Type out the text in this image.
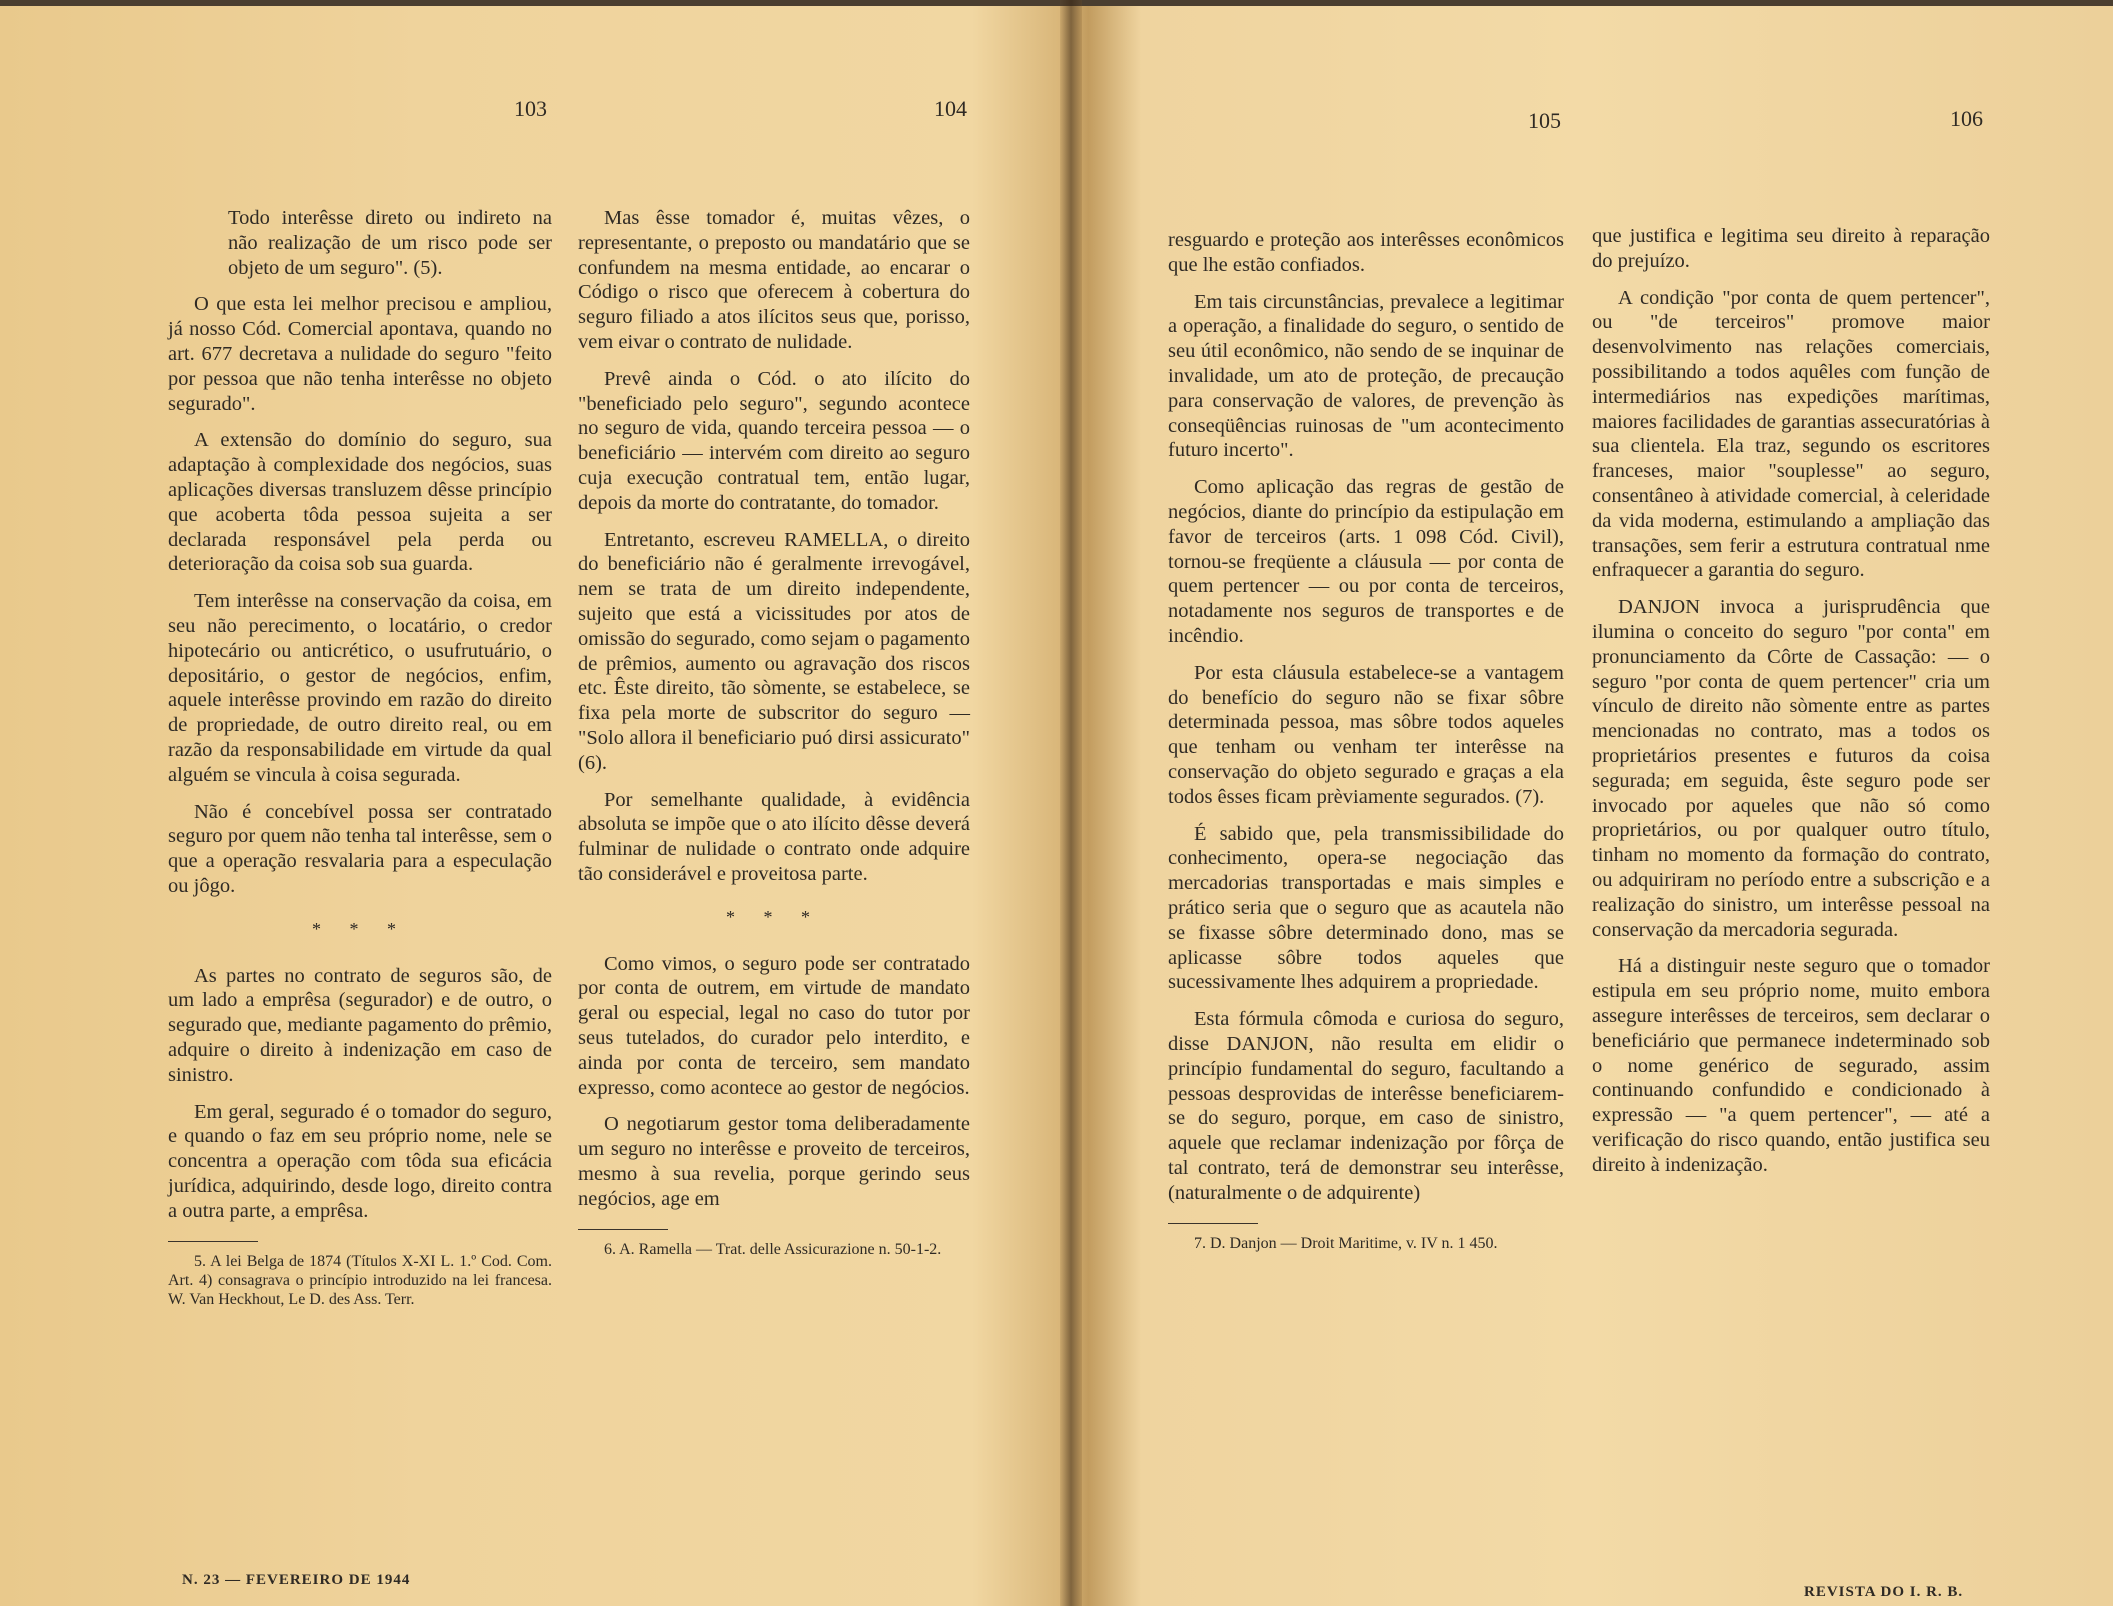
103	104	105	106

Todo interêsse direto ou indireto na não realização de um risco pode ser objeto de um seguro". (5).

O que esta lei melhor precisou e ampliou, já nosso Cód. Comercial apontava, quando no art. 677 decretava a nulidade do seguro "feito por pessoa que não tenha interêsse no objeto segurado".

A extensão do domínio do seguro, sua adaptação à complexidade dos negócios, suas aplicações diversas transluzem dêsse princípio que acoberta tôda pessoa sujeita a ser declarada responsável pela perda ou deterioração da coisa sob sua guarda.

Tem interêsse na conservação da coisa, em seu não perecimento, o locatário, o credor hipotecário ou anticrético, o usufrutuário, o depositário, o gestor de negócios, enfim, aquele interêsse provindo em razão do direito de propriedade, de outro direito real, ou em razão da responsabilidade em virtude da qual alguém se vincula à coisa segurada.

Não é concebível possa ser contratado seguro por quem não tenha tal interêsse, sem o que a operação resvalaria para a especulação ou jôgo.

* * *

As partes no contrato de seguros são, de um lado a emprêsa (segurador) e de outro, o segurado que, mediante pagamento do prêmio, adquire o direito à indenização em caso de sinistro.

Em geral, segurado é o tomador do seguro, e quando o faz em seu próprio nome, nele se concentra a operação com tôda sua eficácia jurídica, adquirindo, desde logo, direito contra a outra parte, a emprêsa.

5. A lei Belga de 1874 (Títulos X-XI L. 1.º Cod. Com. Art. 4) consagrava o princípio introduzido na lei francesa. W. Van Heckhout, Le D. des Ass. Terr.

Mas êsse tomador é, muitas vêzes, o representante, o preposto ou mandatário que se confundem na mesma entidade, ao encarar o Código o risco que oferecem à cobertura do seguro filiado a atos ilícitos seus que, porisso, vem eivar o contrato de nulidade.

Prevê ainda o Cód. o ato ilícito do "beneficiado pelo seguro", segundo acontece no seguro de vida, quando terceira pessoa — o beneficiário — intervém com direito ao seguro cuja execução contratual tem, então lugar, depois da morte do contratante, do tomador.

Entretanto, escreveu RAMELLA, o direito do beneficiário não é geralmente irrevogável, nem se trata de um direito independente, sujeito que está a vicissitudes por atos de omissão do segurado, como sejam o pagamento de prêmios, aumento ou agravação dos riscos etc. Êste direito, tão sòmente, se estabelece, se fixa pela morte de subscritor do seguro — "Solo allora il beneficiario puó dirsi assicurato" (6).

Por semelhante qualidade, à evidência absoluta se impõe que o ato ilícito dêsse deverá fulminar de nulidade o contrato onde adquire tão considerável e proveitosa parte.

* * *

Como vimos, o seguro pode ser contratado por conta de outrem, em virtude de mandato geral ou especial, legal no caso do tutor por seus tutelados, do curador pelo interdito, e ainda por conta de terceiro, sem mandato expresso, como acontece ao gestor de negócios.

O negotiarum gestor toma deliberadamente um seguro no interêsse e proveito de terceiros, mesmo à sua revelia, porque gerindo seus negócios, age em

6. A. Ramella — Trat. delle Assicurazione n. 50-1-2.

resguardo e proteção aos interêsses econômicos que lhe estão confiados.

Em tais circunstâncias, prevalece a legitimar a operação, a finalidade do seguro, o sentido de seu útil econômico, não sendo de se inquinar de invalidade, um ato de proteção, de precaução para conservação de valores, de prevenção às conseqüências ruinosas de "um acontecimento futuro incerto".

Como aplicação das regras de gestão de negócios, diante do princípio da estipulação em favor de terceiros (arts. 1 098 Cód. Civil), tornou-se freqüente a cláusula — por conta de quem pertencer — ou por conta de terceiros, notadamente nos seguros de transportes e de incêndio.

Por esta cláusula estabelece-se a vantagem do benefício do seguro não se fixar sôbre determinada pessoa, mas sôbre todos aqueles que tenham ou venham ter interêsse na conservação do objeto segurado e graças a ela todos êsses ficam prèviamente segurados. (7).

É sabido que, pela transmissibilidade do conhecimento, opera-se negociação das mercadorias transportadas e mais simples e prático seria que o seguro que as acautela não se fixasse sôbre determinado dono, mas se aplicasse sôbre todos aqueles que sucessivamente lhes adquirem a propriedade.

Esta fórmula cômoda e curiosa do seguro, disse DANJON, não resulta em elidir o princípio fundamental do seguro, facultando a pessoas desprovidas de interêsse beneficiarem-se do seguro, porque, em caso de sinistro, aquele que reclamar indenização por fôrça de tal contrato, terá de demonstrar seu interêsse, (naturalmente o de adquirente)

7. D. Danjon — Droit Maritime, v. IV n. 1 450.

que justifica e legitima seu direito à reparação do prejuízo.

A condição "por conta de quem pertencer", ou "de terceiros" promove maior desenvolvimento nas relações comerciais, possibilitando a todos aquêles com função de intermediários nas expedições marítimas, maiores facilidades de garantias assecuratórias à sua clientela. Ela traz, segundo os escritores franceses, maior "souplesse" ao seguro, consentâneo à atividade comercial, à celeridade da vida moderna, estimulando a ampliação das transações, sem ferir a estrutura contratual nme enfraquecer a garantia do seguro.

DANJON invoca a jurisprudência que ilumina o conceito do seguro "por conta" em pronunciamento da Côrte de Cassação: — o seguro "por conta de quem pertencer" cria um vínculo de direito não sòmente entre as partes mencionadas no contrato, mas a todos os proprietários presentes e futuros da coisa segurada; em seguida, êste seguro pode ser invocado por aqueles que não só como proprietários, ou por qualquer outro título, tinham no momento da formação do contrato, ou adquiriram no período entre a subscrição e a realização do sinistro, um interêsse pessoal na conservação da mercadoria segurada.

Há a distinguir neste seguro que o tomador estipula em seu próprio nome, muito embora assegure interêsses de terceiros, sem declarar o beneficiário que permanece indeterminado sob o nome genérico de segurado, assim continuando confundido e condicionado à expressão — "a quem pertencer", — até a verificação do risco quando, então justifica seu direito à indenização.

N. 23 — FEVEREIRO DE 1944
REVISTA DO I. R. B.
